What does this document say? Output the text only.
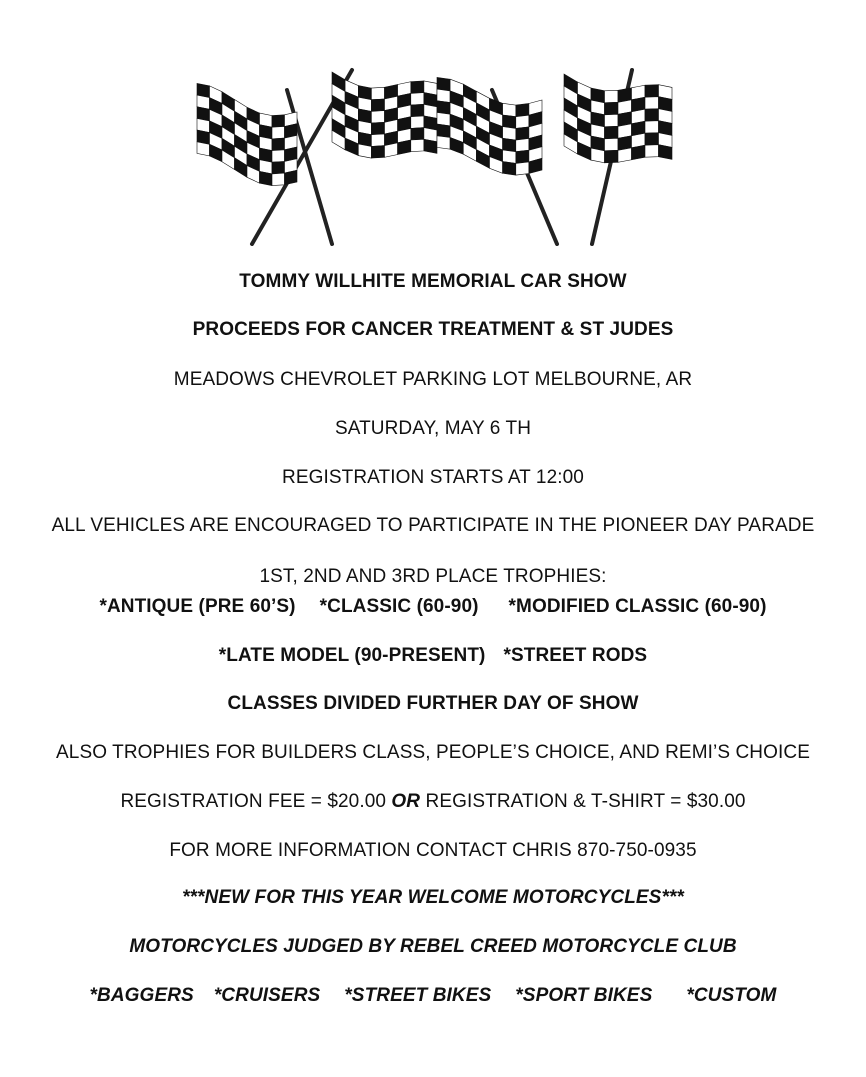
TOMMY WILLHITE MEMORIAL CAR SHOW
PROCEEDS FOR CANCER TREATMENT & ST JUDES
MEADOWS CHEVROLET PARKING LOT MELBOURNE, AR
SATURDAY, MAY 6 TH
REGISTRATION STARTS AT 12:00
ALL VEHICLES ARE ENCOURAGED TO PARTICIPATE IN THE PIONEER DAY PARADE
1ST, 2ND AND 3RD PLACE TROPHIES:
*ANTIQUE (PRE 60’S) *CLASSIC (60-90) *MODIFIED CLASSIC (60-90)
*LATE MODEL (90-PRESENT) *STREET RODS
CLASSES DIVIDED FURTHER DAY OF SHOW
ALSO TROPHIES FOR BUILDERS CLASS, PEOPLE’S CHOICE, AND REMI’S CHOICE
REGISTRATION FEE = $20.00 OR REGISTRATION & T-SHIRT = $30.00
FOR MORE INFORMATION CONTACT CHRIS 870-750-0935
***NEW FOR THIS YEAR WELCOME MOTORCYCLES***
MOTORCYCLES JUDGED BY REBEL CREED MOTORCYCLE CLUB
*BAGGERS *CRUISERS *STREET BIKES *SPORT BIKES *CUSTOM
